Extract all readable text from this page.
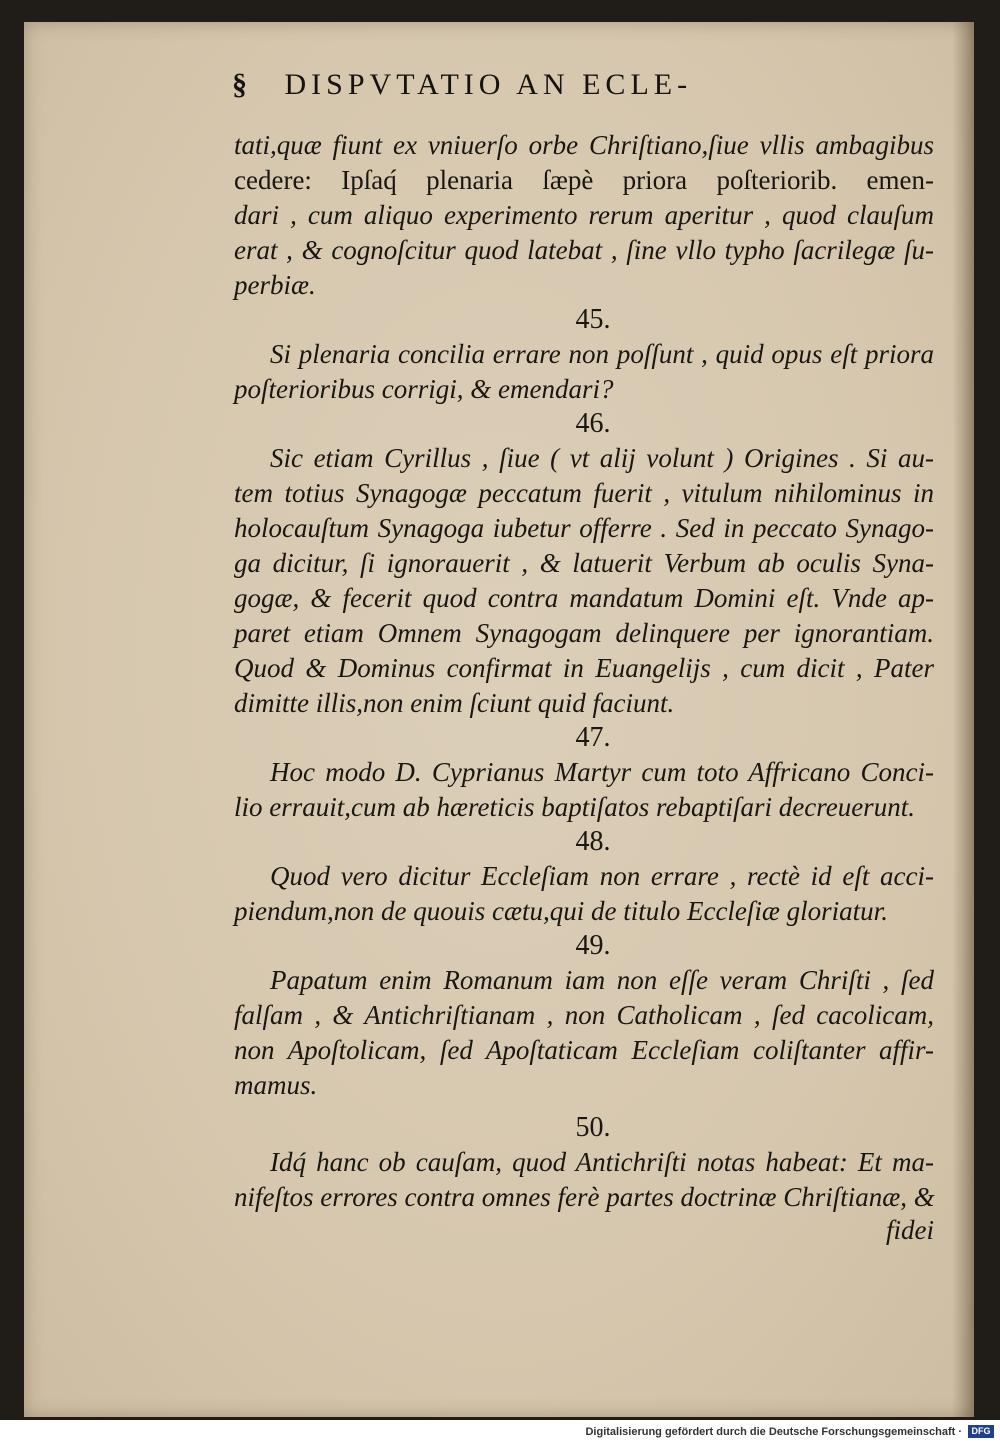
§ DISPVTATIO AN ECLE-
tati,quæ fiunt ex vniuerſo orbe Chriſtiano,ſiue vllis ambagibus
cedere: Ipſaq́ plenaria ſæpè priora poſteriorib. emen-
dari , cum aliquo experimento rerum aperitur , quod clauſum
erat , & cognoſcitur quod latebat , ſine vllo typho ſacrilegæ ſu-
perbiæ.
45.
Si plenaria concilia errare non poſſunt , quid opus eſt priora
poſterioribus corrigi, & emendari?
46.
Sic etiam Cyrillus , ſiue ( vt alij volunt ) Origines . Si au-
tem totius Synagogæ peccatum fuerit , vitulum nihilominus in
holocauſtum Synagoga iubetur offerre . Sed in peccato Synago-
ga dicitur, ſi ignorauerit , & latuerit Verbum ab oculis Syna-
gogæ, & fecerit quod contra mandatum Domini eſt. Vnde ap-
paret etiam Omnem Synagogam delinquere per ignorantiam.
Quod & Dominus confirmat in Euangelijs , cum dicit , Pater
dimitte illis,non enim ſciunt quid faciunt.
47.
Hoc modo D. Cyprianus Martyr cum toto Affricano Conci-
lio errauit,cum ab hæreticis baptiſatos rebaptiſari decreuerunt.
48.
Quod vero dicitur Eccleſiam non errare , rectè id eſt acci-
piendum,non de quouis cætu,qui de titulo Eccleſiæ gloriatur.
49.
Papatum enim Romanum iam non eſſe veram Chriſti , ſed
falſam , & Antichriſtianam , non Catholicam , ſed cacolicam,
non Apoſtolicam, ſed Apoſtaticam Eccleſiam coliſtanter affir-
mamus.
50.
Idq́ hanc ob cauſam, quod Antichriſti notas habeat: Et ma-
nifeſtos errores contra omnes ferè partes doctrinæ Chriſtianæ, &
fidei
Digitalisierung gefördert durch die Deutsche Forschungsgemeinschaft ·	DFG
